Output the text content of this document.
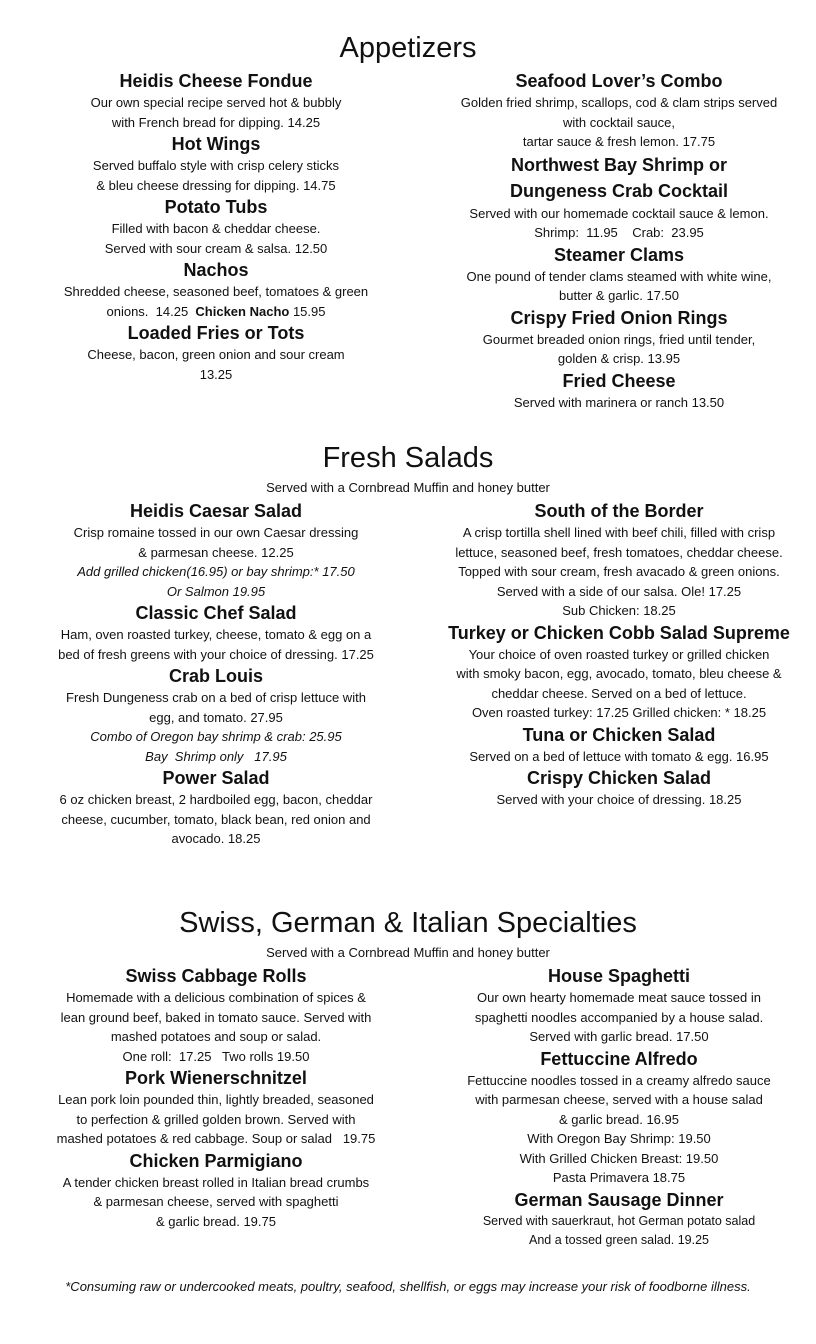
Appetizers
Heidis Cheese Fondue

Our own special recipe served hot & bubbly

with French bread for dipping. 14.25

Hot Wings

Served buffalo style with crisp celery sticks

& bleu cheese dressing for dipping. 14.75

Potato Tubs

Filled with bacon & cheddar cheese.

Served with sour cream & salsa. 12.50

Nachos

Shredded cheese, seasoned beef, tomatoes & green

onions.  14.25  Chicken Nacho 15.95

Loaded Fries or Tots

Cheese, bacon, green onion and sour cream

13.25

Seafood Lover’s Combo

Golden fried shrimp, scallops, cod & clam strips served

with cocktail sauce,

tartar sauce & fresh lemon. 17.75

Northwest Bay Shrimp or
Dungeness Crab Cocktail

Served with our homemade cocktail sauce & lemon.

Shrimp:  11.95    Crab:  23.95

Steamer Clams

One pound of tender clams steamed with white wine,

butter & garlic. 17.50

Crispy Fried Onion Rings

Gourmet breaded onion rings, fried until tender,

golden & crisp. 13.95

Fried Cheese

Served with marinera or ranch 13.50

Fresh Salads
Served with a Cornbread Muffin and honey butter
Heidis Caesar Salad

Crisp romaine tossed in our own Caesar dressing

& parmesan cheese. 12.25

Add grilled chicken(16.95) or bay shrimp:* 17.50

Or Salmon 19.95

Classic Chef Salad

Ham, oven roasted turkey, cheese, tomato & egg on a

bed of fresh greens with your choice of dressing. 17.25

Crab Louis

Fresh Dungeness crab on a bed of crisp lettuce with

egg, and tomato. 27.95

Combo of Oregon bay shrimp & crab: 25.95

Bay  Shrimp only   17.95

Power Salad

6 oz chicken breast, 2 hardboiled egg, bacon, cheddar

cheese, cucumber, tomato, black bean, red onion and

avocado. 18.25

South of the Border

A crisp tortilla shell lined with beef chili, filled with crisp

lettuce, seasoned beef, fresh tomatoes, cheddar cheese.

Topped with sour cream, fresh avacado & green onions.

Served with a side of our salsa. Ole! 17.25

Sub Chicken: 18.25

Turkey or Chicken Cobb Salad Supreme

Your choice of oven roasted turkey or grilled chicken

with smoky bacon, egg, avocado, tomato, bleu cheese &

cheddar cheese. Served on a bed of lettuce.

Oven roasted turkey: 17.25 Grilled chicken: * 18.25

Tuna or Chicken Salad

Served on a bed of lettuce with tomato & egg. 16.95

Crispy Chicken Salad

Served with your choice of dressing. 18.25

Swiss, German & Italian Specialties
Served with a Cornbread Muffin and honey butter
Swiss Cabbage Rolls

Homemade with a delicious combination of spices &

lean ground beef, baked in tomato sauce. Served with

mashed potatoes and soup or salad.

One roll:  17.25   Two rolls 19.50

Pork Wienerschnitzel

Lean pork loin pounded thin, lightly breaded, seasoned

to perfection & grilled golden brown. Served with

mashed potatoes & red cabbage. Soup or salad   19.75

Chicken Parmigiano

A tender chicken breast rolled in Italian bread crumbs

& parmesan cheese, served with spaghetti

& garlic bread. 19.75

House Spaghetti

Our own hearty homemade meat sauce tossed in

spaghetti noodles accompanied by a house salad.

Served with garlic bread. 17.50

Fettuccine Alfredo

Fettuccine noodles tossed in a creamy alfredo sauce

with parmesan cheese, served with a house salad

& garlic bread. 16.95

With Oregon Bay Shrimp: 19.50

With Grilled Chicken Breast: 19.50

Pasta Primavera 18.75

German Sausage Dinner

Served with sauerkraut, hot German potato salad

And a tossed green salad. 19.25

*Consuming raw or undercooked meats, poultry, seafood, shellfish, or eggs may increase your risk of foodborne illness.
